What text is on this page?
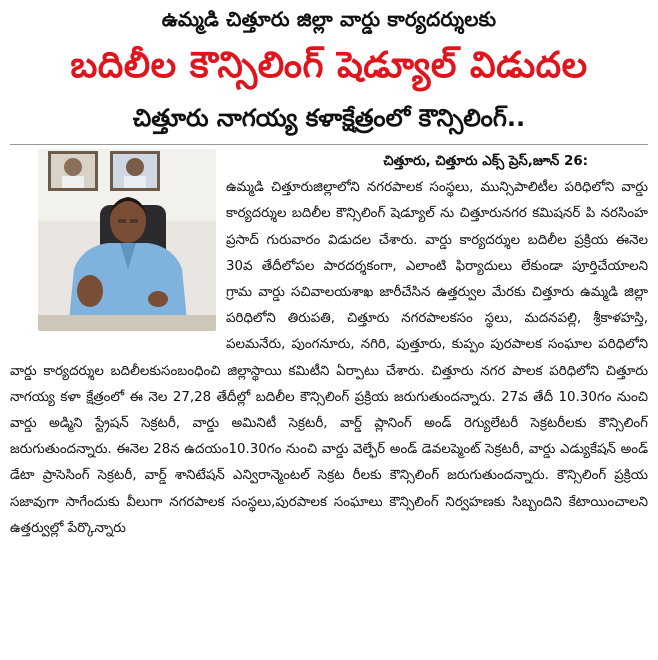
ఉమ్మడి చిత్తూరు జిల్లా వార్డు కార్యదర్శులకు
బదిలీల కౌన్సిలింగ్ షెడ్యూల్ విడుదల
చిత్తూరు నాగయ్య కళాక్షేత్రంలో కౌన్సిలింగ్..
చిత్తూరు, చిత్తూరు ఎక్స్ ప్రెస్,జూన్ 26:

ఉమ్మడి చిత్తూరుజిల్లాలోని నగరపాలక సంస్థలు, మున్సిపాలిటీల పరిధిలోని వార్డు కార్యదర్శుల బదిలీల కౌన్సిలింగ్ షెడ్యూల్ ను చిత్తూరునగర కమిషనర్ పి నరసింహ ప్రసాద్ గురువారం విడుదల చేశారు. వార్డు కార్యదర్శుల బదిలీల ప్రక్రియ ఈనెల 30వ తేదీలోపల పారదర్శకంగా, ఎలాంటి ఫిర్యాదులు లేకుండా పూర్తిచేయాలని గ్రామ వార్డు సచివాలయశాఖ జారీచేసిన ఉత్తర్వుల మేరకు చిత్తూరు ఉమ్మడి జిల్లా పరిధిలోని తిరుపతి, చిత్తూరు నగరపాలకసం స్థలు, మదనపల్లి, శ్రీకాళహస్తి, పలమనేరు, పుంగనూరు, నగిరి, పుత్తూరు, కుప్పం పురపాలక సంఘాల పరిధిలోని వార్డు కార్యదర్శుల బదిలీలకుసంబంధించి జిల్లాస్థాయి కమిటీని ఏర్పాటు చేశారు. చిత్తూరు నగర పాలక పరిధిలోని చిత్తూరు నాగయ్య కళా క్షేత్రంలో ఈ నెల 27,28 తేదీల్లో బదిలీల కౌన్సిలింగ్ ప్రక్రియ జరుగుతుందన్నారు. 27వ తేదీ 10.30గం నుంచి వార్డు అడ్మిని స్ట్రేషన్ సెక్రటరీ, వార్డు అమినిటీ సెక్రటరీ, వార్డ్ ప్లానింగ్ అండ్ రెగ్యులేటరీ సెక్రటరీలకు కౌన్సిలింగ్ జరుగుతుందన్నారు. ఈనెల 28న ఉదయం10.30గం నుంచి వార్డు వెల్ఫేర్ అండ్ డెవలప్మెంట్ సెక్రటరీ, వార్డు ఎడ్యుకేషన్ అండ్ డేటా ప్రాసెసింగ్ సెక్రటరీ, వార్డ్ శానిటేషన్ ఎన్విరాన్మెంటల్ సెక్రట రీలకు కౌన్సిలింగ్ జరుగుతుందన్నారు. కౌన్సిలింగ్ ప్రక్రియ సజావుగా సాగేందుకు వీలుగా నగరపాలక సంస్థలు,పురపాలక సంఘాలు కౌన్సిలింగ్ నిర్వహణకు సిబ్బందిని కేటాయించాలని ఉత్తర్వుల్లో పేర్కొన్నారు
